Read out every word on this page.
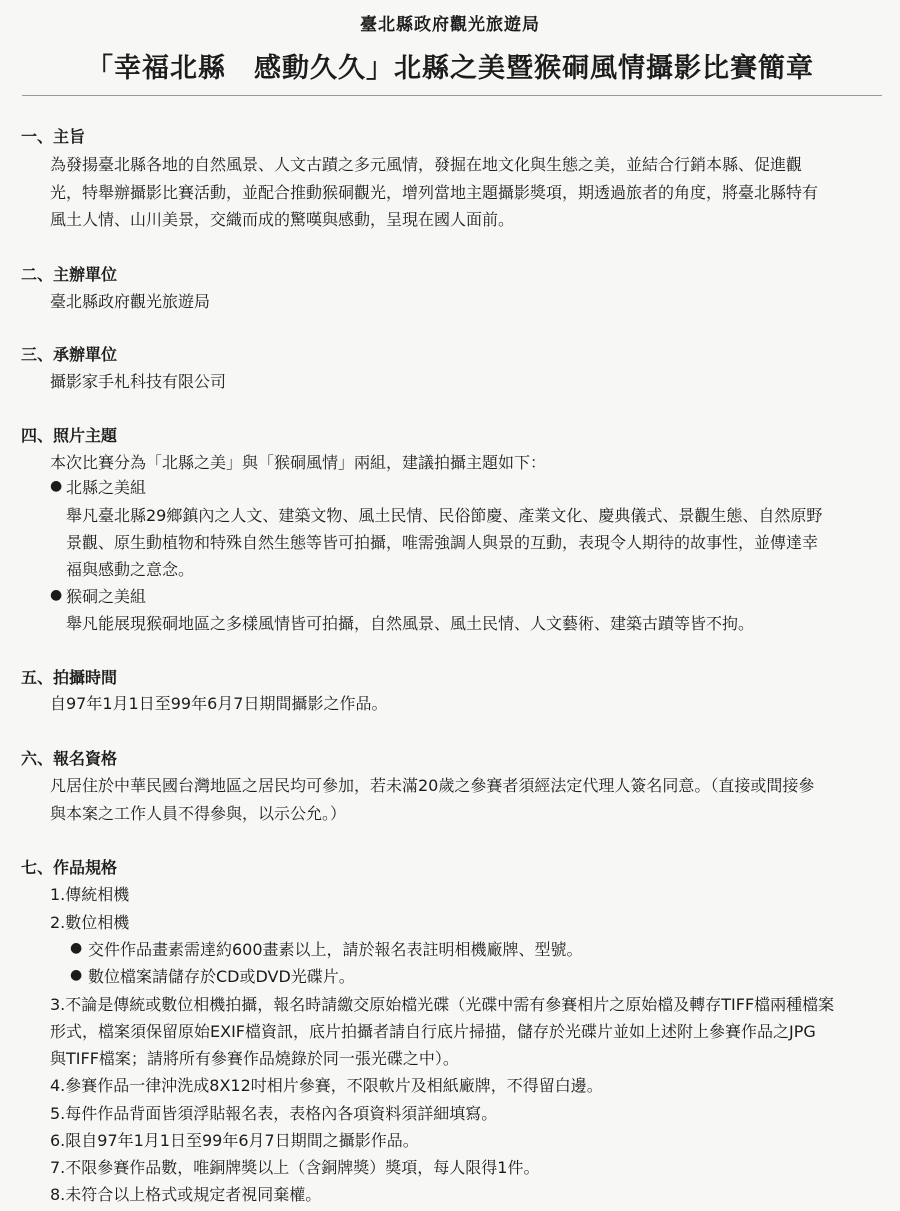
臺北縣政府觀光旅遊局
「幸福北縣　感動久久」北縣之美暨猴硐風情攝影比賽簡章
一、主旨
為發揚臺北縣各地的自然風景、人文古蹟之多元風情，發掘在地文化與生態之美，並結合行銷本縣、促進觀
光，特舉辦攝影比賽活動，並配合推動猴硐觀光，增列當地主題攝影獎項，期透過旅者的角度，將臺北縣特有
風土人情、山川美景，交織而成的驚嘆與感動，呈現在國人面前。
二、主辦單位
臺北縣政府觀光旅遊局
三、承辦單位
攝影家手札科技有限公司
四、照片主題
本次比賽分為「北縣之美」與「猴硐風情」兩組，建議拍攝主題如下：
● 北縣之美組
舉凡臺北縣29鄉鎮內之人文、建築文物、風土民情、民俗節慶、產業文化、慶典儀式、景觀生態、自然原野
景觀、原生動植物和特殊自然生態等皆可拍攝，唯需強調人與景的互動，表現令人期待的故事性，並傳達幸
福與感動之意念。
● 猴硐之美組
舉凡能展現猴硐地區之多樣風情皆可拍攝，自然風景、風土民情、人文藝術、建築古蹟等皆不拘。
五、拍攝時間
自97年1月1日至99年6月7日期間攝影之作品。
六、報名資格
凡居住於中華民國台灣地區之居民均可參加，若未滿20歲之參賽者須經法定代理人簽名同意。（直接或間接參
與本案之工作人員不得參與，以示公允。）
七、作品規格
1.傳統相機
2.數位相機
● 交件作品畫素需達約600畫素以上，請於報名表註明相機廠牌、型號。
● 數位檔案請儲存於CD或DVD光碟片。
3.不論是傳統或數位相機拍攝，報名時請繳交原始檔光碟（光碟中需有參賽相片之原始檔及轉存TIFF檔兩種檔案
形式，檔案須保留原始EXIF檔資訊，底片拍攝者請自行底片掃描，儲存於光碟片並如上述附上參賽作品之JPG
與TIFF檔案；請將所有參賽作品燒錄於同一張光碟之中）。
4.參賽作品一律沖洗成8X12吋相片參賽，不限軟片及相紙廠牌，不得留白邊。
5.每件作品背面皆須浮貼報名表，表格內各項資料須詳細填寫。
6.限自97年1月1日至99年6月7日期間之攝影作品。
7.不限參賽作品數，唯銅牌獎以上（含銅牌獎）獎項，每人限得1件。
8.未符合以上格式或規定者視同棄權。
